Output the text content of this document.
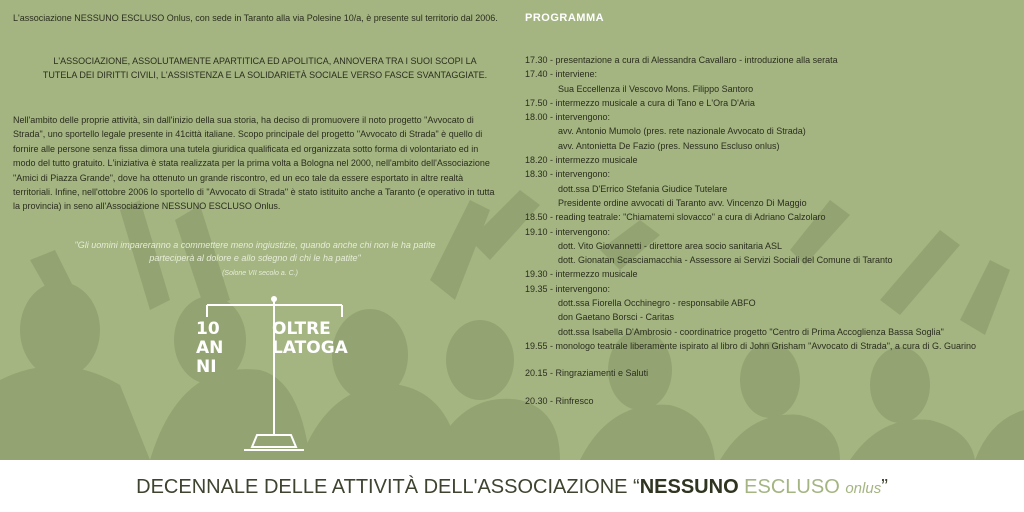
L'associazione NESSUNO ESCLUSO Onlus, con sede in Taranto alla via Polesine 10/a, è presente sul territorio dal 2006.
L'ASSOCIAZIONE, ASSOLUTAMENTE APARTITICA ED APOLITICA, ANNOVERA TRA I SUOI SCOPI LA TUTELA DEI DIRITTI CIVILI, L'ASSISTENZA E LA SOLIDARIETÀ SOCIALE VERSO FASCE SVANTAGGIATE.
Nell'ambito delle proprie attività, sin dall'inizio della sua storia, ha deciso di promuovere il noto progetto "Avvocato di Strada", uno sportello legale presente in 41città italiane. Scopo principale del progetto "Avvocato di Strada" è quello di fornire alle persone senza fissa dimora una tutela giuridica qualificata ed organizzata sotto forma di volontariato ed in modo del tutto gratuito. L'iniziativa è stata realizzata per la prima volta a Bologna nel 2000, nell'ambito dell'Associazione "Amici di Piazza Grande", dove ha ottenuto un grande riscontro, ed un eco tale da essere esportato in altre realtà territoriali. Infine, nell'ottobre 2006 lo sportello di "Avvocato di Strada" è stato istituito anche a Taranto (e operativo in tutta la provincia) in seno all'Associazione NESSUNO ESCLUSO Onlus.
"Gli uomini impareranno a commettere meno ingiustizie, quando anche chi non le ha patite parteciperà al dolore e allo sdegno di chi le ha patite"
(Solone VII secolo a. C.)
10
AN
NI
OLTRE
LATOGA
PROGRAMMA
17.30 - presentazione a cura di Alessandra Cavallaro - introduzione alla serata
17.40 - interviene:
Sua Eccellenza il Vescovo Mons. Filippo Santoro
17.50 - intermezzo musicale a cura di Tano e L'Ora D'Aria
18.00 - intervengono:
avv. Antonio Mumolo (pres. rete nazionale Avvocato di Strada)
avv. Antonietta De Fazio (pres. Nessuno Escluso onlus)
18.20 - intermezzo musicale
18.30 - intervengono:
dott.ssa D'Errico Stefania Giudice Tutelare
Presidente ordine avvocati di Taranto avv. Vincenzo Di Maggio
18.50 - reading teatrale: "Chiamatemi slovacco" a cura di Adriano Calzolaro
19.10 - intervengono:
dott. Vito Giovannetti - direttore area socio sanitaria ASL
dott. Gionatan Scasciamacchia - Assessore ai Servizi Sociali del Comune di Taranto
19.30 - intermezzo musicale
19.35 - intervengono:
dott.ssa Fiorella Occhinegro - responsabile ABFO
don Gaetano Borsci - Caritas
dott.ssa Isabella D'Ambrosio - coordinatrice progetto "Centro di Prima Accoglienza Bassa Soglia"
19.55 - monologo teatrale liberamente ispirato al libro di John Grisham "Avvocato di Strada", a cura di G. Guarino
20.15 - Ringraziamenti e Saluti
20.30 - Rinfresco
DECENNALE DELLE ATTIVITÀ DELL'ASSOCIAZIONE “NESSUNO ESCLUSO onlus”
